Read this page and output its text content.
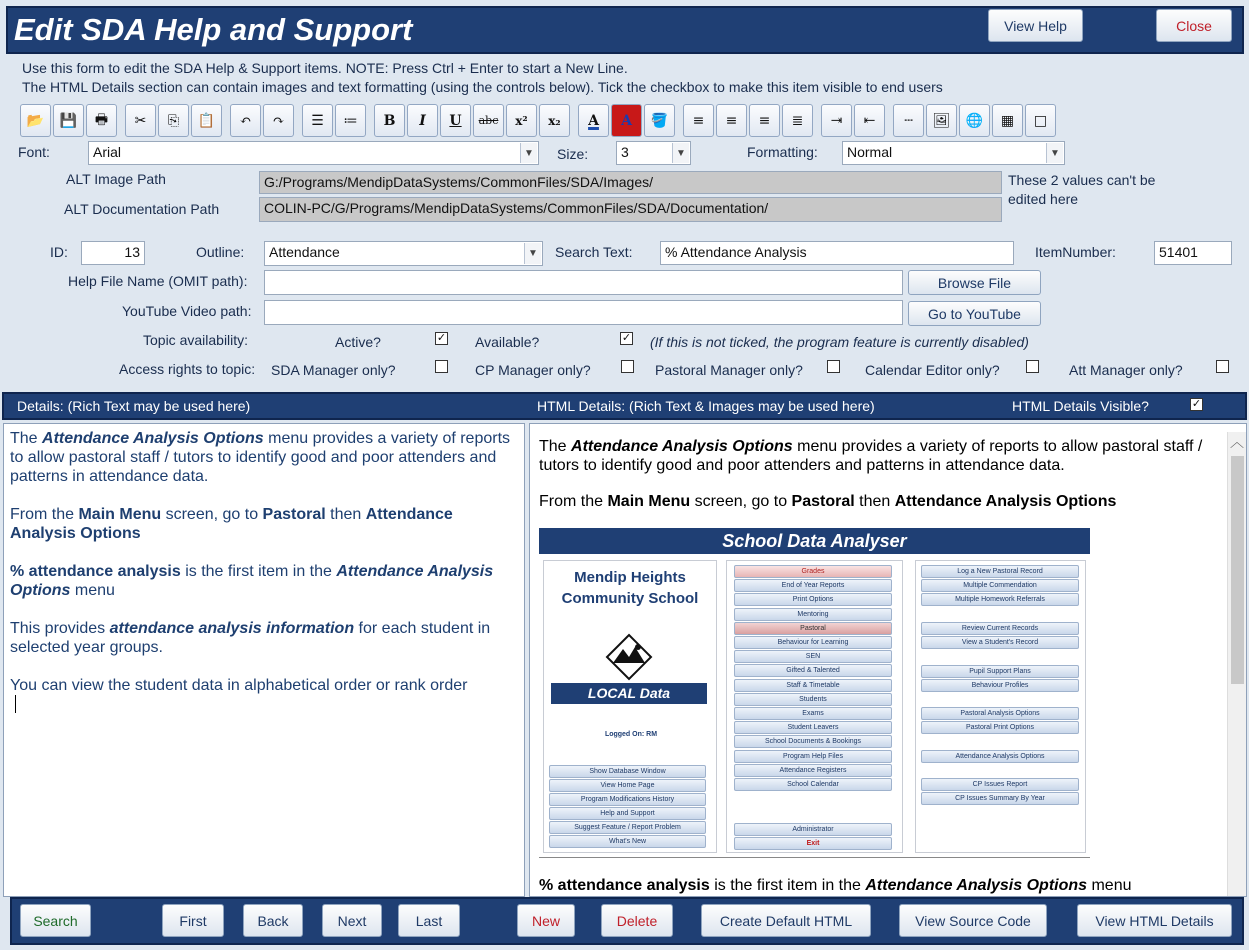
Edit SDA Help and Support	View Help	Close
Use this form to edit the SDA Help & Support items. NOTE: Press Ctrl + Enter to start a New Line.
The HTML Details section can contain images and text formatting (using the controls below). Tick the checkbox to make this item visible to end users
📂	💾	🖶	✂	⎘	📋	↶	↷	☰	≔	B	I	U	abc	x²	x₂	A	A	🪣	≡	≡	≡	≣	⇥	⇤	┄	🖼	🌐	▦	□
Font:	Arial	▼ Size:	3	▼	Formatting:	Normal	▼
ALT Image Path	G:/Programs/MendipDataSystems/CommonFiles/SDA/Images/
ALT Documentation Path	COLIN-PC/G/Programs/MendipDataSystems/CommonFiles/SDA/Documentation/
These 2 values can't be edited here
ID:	13	Outline:	Attendance	▼ Search Text:	% Attendance Analysis	ItemNumber:	51401
Help File Name (OMIT path):	Browse File
YouTube Video path:	Go to YouTube
Topic availability:	Active?	✓ Available?	✓ (If this is not ticked, the program feature is currently disabled)
Access rights to topic: SDA Manager only?	CP Manager only?	Pastoral Manager only?	Calendar Editor only?	Att Manager only?
Details: (Rich Text may be used here)	HTML Details: (Rich Text & Images may be used here)	HTML Details Visible?	✓

The Attendance Analysis Options menu provides a variety of reports to allow pastoral staff / tutors to identify good and poor attenders and patterns in attendance data.

From the Main Menu screen, go to Pastoral then Attendance Analysis Options

% attendance analysis is the first item in the Attendance Analysis Options menu

This provides attendance analysis information for each student in selected year groups.

You can view the student data in alphabetical order or rank order

The Attendance Analysis Options menu provides a variety of reports to allow pastoral staff / tutors to identify good and poor attenders and patterns in attendance data.

From the Main Menu screen, go to Pastoral then Attendance Analysis Options

School Data Analyser
Mendip Heights
Community School
LOCAL Data
Logged On: RM
Show Database Window
View Home Page
Program Modifications History
Help and Support
Suggest Feature / Report Problem
What's New
Grades
End of Year Reports
Print Options
Mentoring
Pastoral
Behaviour for Learning
SEN
Gifted & Talented
Staff & Timetable
Students
Exams
Student Leavers
School Documents & Bookings
Program Help Files
Attendance Registers
School Calendar
Administrator
Exit
Log a New Pastoral Record
Multiple Commendation
Multiple Homework Referrals
Review Current Records
View a Student's Record
Pupil Support Plans
Behaviour Profiles
Pastoral Analysis Options
Pastoral Print Options
Attendance Analysis Options
CP Issues Report
CP Issues Summary By Year
% attendance analysis is the first item in the Attendance Analysis Options menu
︿
Search	First	Back	Next	Last	New	Delete	Create Default HTML	View Source Code	View HTML Details
